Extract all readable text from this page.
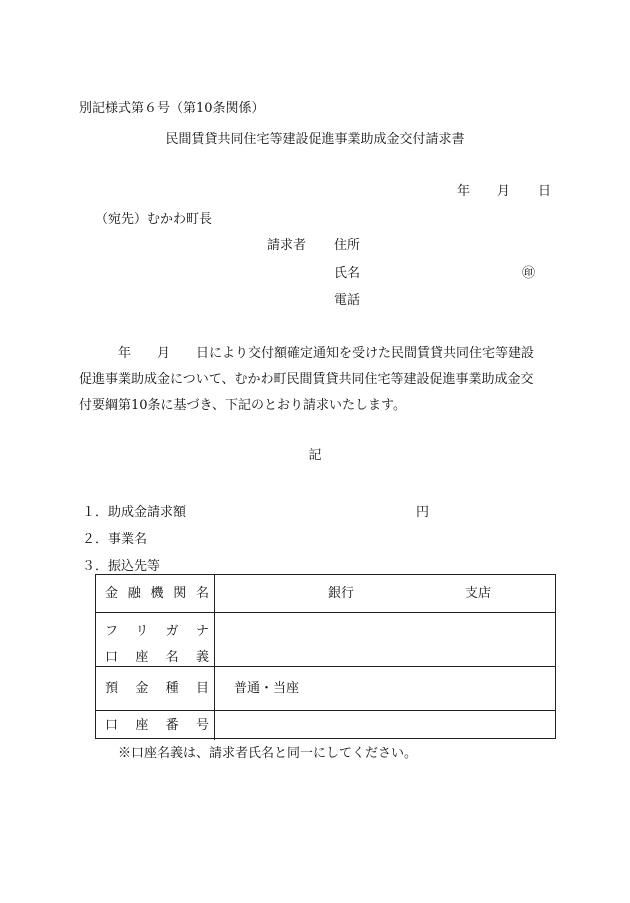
別記様式第６号（第10条関係）
民間賃貸共同住宅等建設促進事業助成金交付請求書
年 月 日
（宛先）むかわ町長
請求者 住所
氏名	㊞
電話
　　　年　　月　　日により交付額確定通知を受けた民間賃貸共同住宅等建設
促進事業助成金について、むかわ町民間賃貸共同住宅等建設促進事業助成金交
付要綱第10条に基づき、下記のとおり請求いたします。
記
１．助成金請求額	円
２．事業名
３．振込先等
金 融 機 関 名	銀行	支店
フ リ ガ ナ
口 座 名 義
預 金 種 目 普通・当座
口 座 番 号
※口座名義は、請求者氏名と同一にしてください。
